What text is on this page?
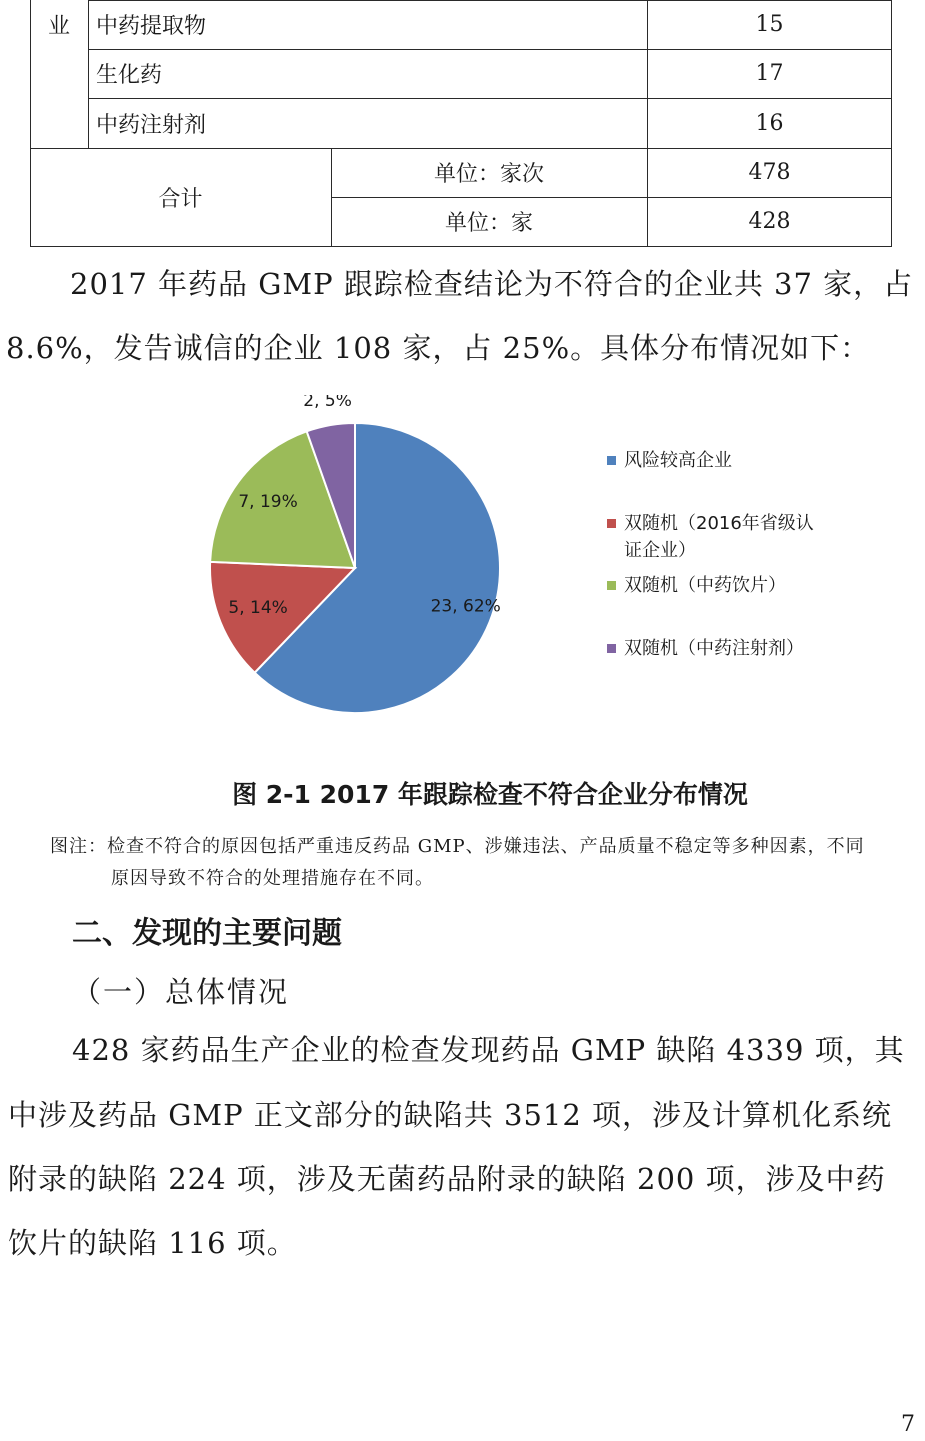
业	中药提取物	15
生化药	17
中药注射剂	16
合计
单位：家次	478
单位：家	428
2017 年药品 GMP 跟踪检查结论为不符合的企业共 37 家，占
8.6%，发告诚信的企业 108 家，占 25%。具体分布情况如下：
23, 62%
5, 14%
7, 19%
2, 5%
风险较高企业
双随机（2016年省级认
证企业）
双随机（中药饮片）
双随机（中药注射剂）
图 2-1 2017 年跟踪检查不符合企业分布情况
图注：检查不符合的原因包括严重违反药品 GMP、涉嫌违法、产品质量不稳定等多种因素，不同
原因导致不符合的处理措施存在不同。
二、发现的主要问题
（一）总体情况
428 家药品生产企业的检查发现药品 GMP 缺陷 4339 项，其
中涉及药品 GMP 正文部分的缺陷共 3512 项，涉及计算机化系统
附录的缺陷 224 项，涉及无菌药品附录的缺陷 200 项，涉及中药
饮片的缺陷 116 项。
7
